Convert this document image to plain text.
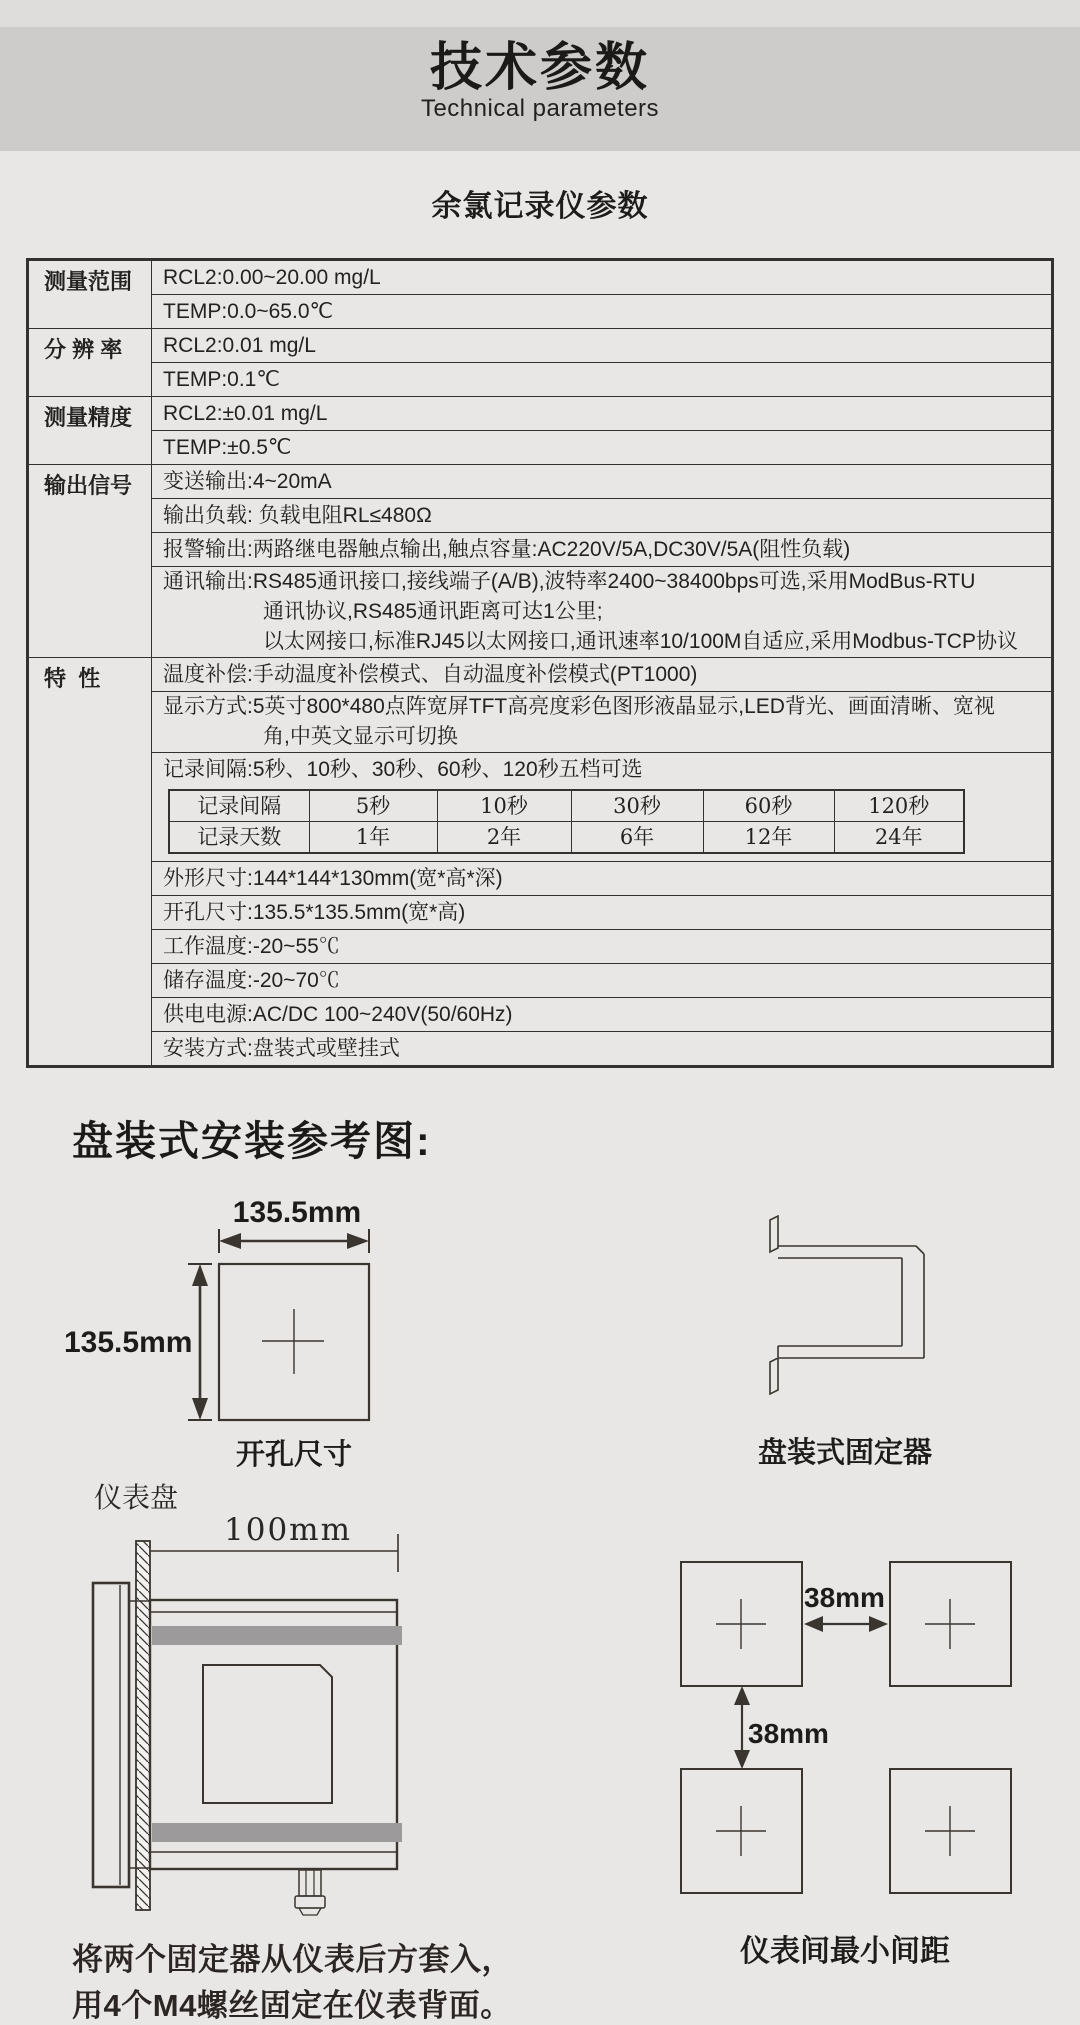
技术参数
Technical parameters
余氯记录仪参数
测量范围	RCL2:0.00~20.00 mg/L
TEMP:0.0~65.0℃
分 辨 率	RCL2:0.01 mg/L
TEMP:0.1℃
测量精度	RCL2:±0.01 mg/L
TEMP:±0.5℃
输出信号	变送输出:4~20mA
输出负载: 负载电阻RL≤480Ω
报警输出:两路继电器触点输出,触点容量:AC220V/5A,DC30V/5A(阻性负载)

通讯输出:RS485通讯接口,接线端子(A/B),波特率2400~38400bps可选,采用ModBus-RTU
通讯协议,RS485通讯距离可达1公里;
以太网接口,标准RJ45以太网接口,通讯速率10/100M自适应,采用Modbus-TCP协议

特  性	温度补偿:手动温度补偿模式、自动温度补偿模式(PT1000)

显示方式:5英寸800*480点阵宽屏TFT高亮度彩色图形液晶显示,LED背光、画面清晰、宽视
角,中英文显示可切换

记录间隔:5秒、10秒、30秒、60秒、120秒五档可选
记录间隔	5秒	10秒	30秒	60秒	120秒
记录天数	1年	2年	6年	12年	24年

外形尺寸:144*144*130mm(宽*高*深)
开孔尺寸:135.5*135.5mm(宽*高)
工作温度:-20~55℃
储存温度:-20~70℃
供电电源:AC/DC 100~240V(50/60Hz)
安装方式:盘装式或壁挂式
盘装式安装参考图:
135.5mm
135.5mm
开孔尺寸	盘装式固定器
仪表盘
100mm
38mm
38mm
仪表间最小间距
将两个固定器从仪表后方套入，
用4个M4螺丝固定在仪表背面。
